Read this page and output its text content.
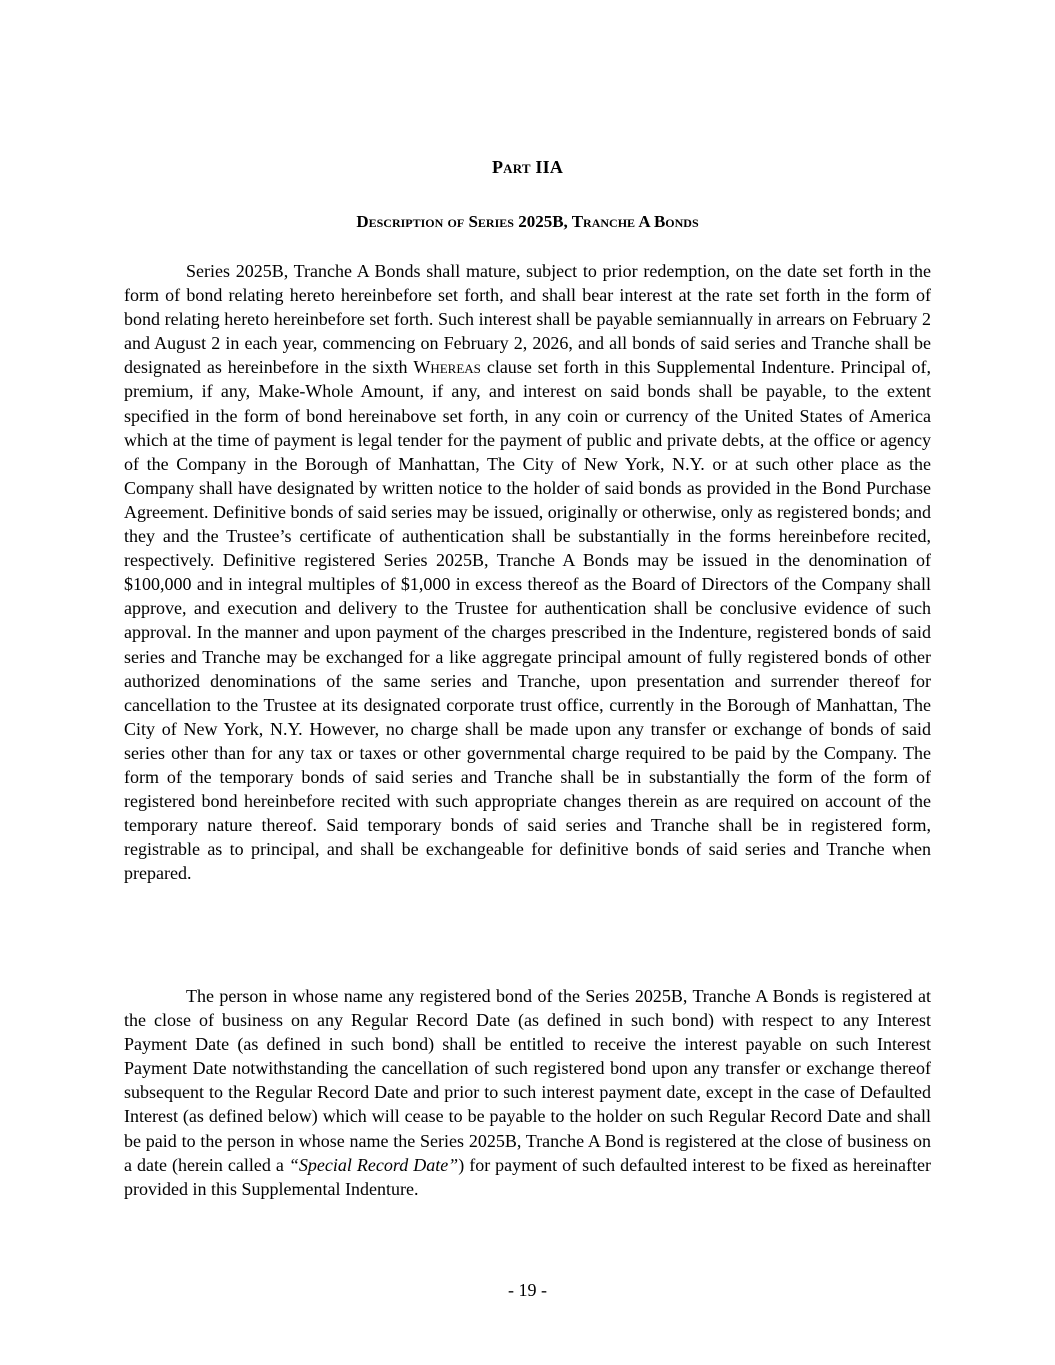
Part IIA
Description of Series 2025B, Tranche A Bonds

Series 2025B, Tranche A Bonds shall mature, subject to prior redemption, on the date set forth in the form of bond relating hereto hereinbefore set forth, and shall bear interest at the rate set forth in the form of bond relating hereto hereinbefore set forth. Such interest shall be payable semiannually in arrears on February 2 and August 2 in each year, commencing on February 2, 2026, and all bonds of said series and Tranche shall be designated as hereinbefore in the sixth Whereas clause set forth in this Supplemental Indenture. Principal of, premium, if any, Make-Whole Amount, if any, and interest on said bonds shall be payable, to the extent specified in the form of bond hereinabove set forth, in any coin or currency of the United States of America which at the time of payment is legal tender for the payment of public and private debts, at the office or agency of the Company in the Borough of Manhattan, The City of New York, N.Y. or at such other place as the Company shall have designated by written notice to the holder of said bonds as provided in the Bond Purchase Agreement. Definitive bonds of said series may be issued, originally or otherwise, only as registered bonds; and they and the Trustee’s certificate of authentication shall be substantially in the forms hereinbefore recited, respectively. Definitive registered Series 2025B, Tranche A Bonds may be issued in the denomination of $100,000 and in integral multiples of $1,000 in excess thereof as the Board of Directors of the Company shall approve, and execution and delivery to the Trustee for authentication shall be conclusive evidence of such approval. In the manner and upon payment of the charges prescribed in the Indenture, registered bonds of said series and Tranche may be exchanged for a like aggregate principal amount of fully registered bonds of other authorized denominations of the same series and Tranche, upon presentation and surrender thereof for cancellation to the Trustee at its designated corporate trust office, currently in the Borough of Manhattan, The City of New York, N.Y. However, no charge shall be made upon any transfer or exchange of bonds of said series other than for any tax or taxes or other governmental charge required to be paid by the Company. The form of the temporary bonds of said series and Tranche shall be in substantially the form of the form of registered bond hereinbefore recited with such appropriate changes therein as are required on account of the temporary nature thereof. Said temporary bonds of said series and Tranche shall be in registered form, registrable as to principal, and shall be exchangeable for definitive bonds of said series and Tranche when prepared.

The person in whose name any registered bond of the Series 2025B, Tranche A Bonds is registered at the close of business on any Regular Record Date (as defined in such bond) with respect to any Interest Payment Date (as defined in such bond) shall be entitled to receive the interest payable on such Interest Payment Date notwithstanding the cancellation of such registered bond upon any transfer or exchange thereof subsequent to the Regular Record Date and prior to such interest payment date, except in the case of Defaulted Interest (as defined below) which will cease to be payable to the holder on such Regular Record Date and shall be paid to the person in whose name the Series 2025B, Tranche A Bond is registered at the close of business on a date (herein called a “Special Record Date”) for payment of such defaulted interest to be fixed as hereinafter provided in this Supplemental Indenture.

- 19 -
